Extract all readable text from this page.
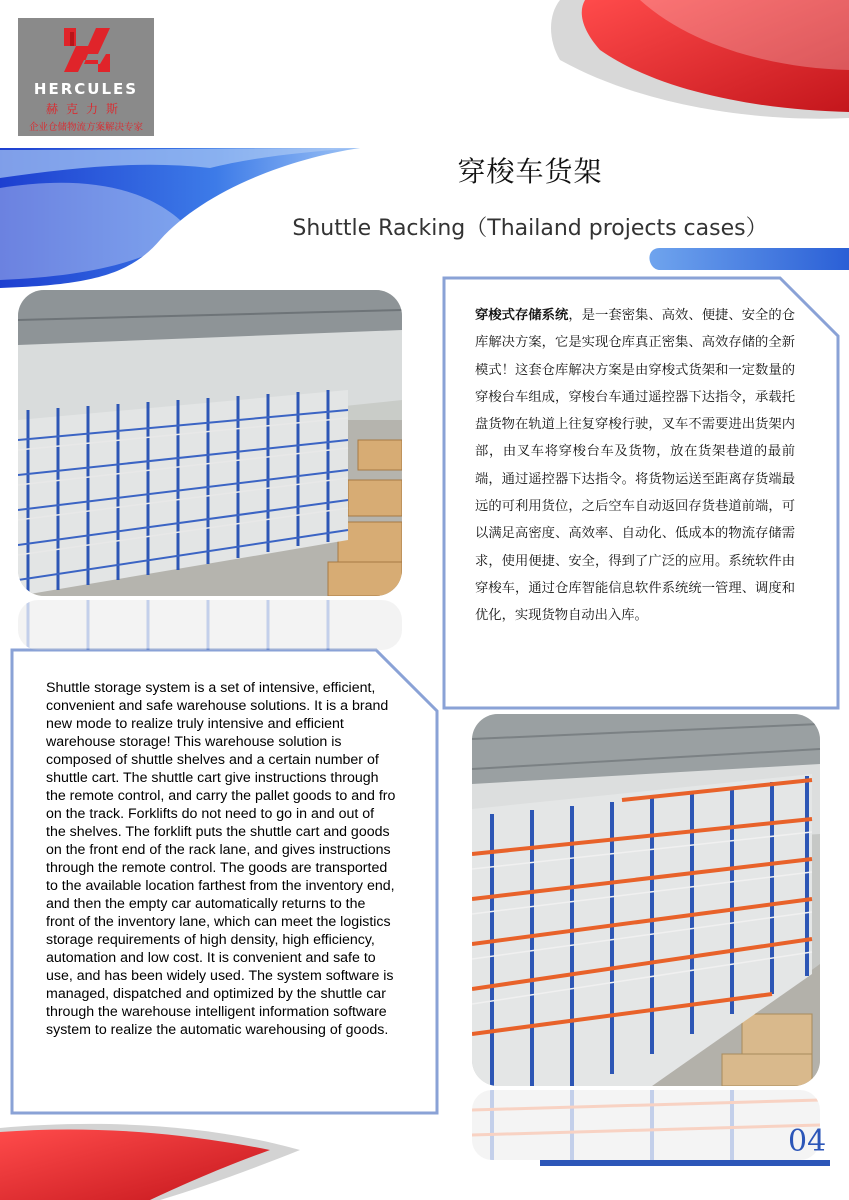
HERCULES
赫克力斯
企业仓储物流方案解决专家
穿梭车货架
Shuttle Racking（Thailand projects cases）
穿梭式存储系统，是一套密集、高效、便捷、安全的仓库解决方案，它是实现仓库真正密集、高效存储的全新模式！这套仓库解决方案是由穿梭式货架和一定数量的穿梭台车组成，穿梭台车通过遥控器下达指令，承载托盘货物在轨道上往复穿梭行驶，叉车不需要进出货架内部，由叉车将穿梭台车及货物，放在货架巷道的最前端，通过遥控器下达指令。将货物运送至距离存货端最远的可利用货位，之后空车自动返回存货巷道前端，可以满足高密度、高效率、自动化、低成本的物流存储需求，使用便捷、安全，得到了广泛的应用。系统软件由穿梭车，通过仓库智能信息软件系统统一管理、调度和优化，实现货物自动出入库。
Shuttle storage system is a set of intensive, efficient, convenient and safe warehouse solutions. It is a brand new mode to realize truly intensive and efficient warehouse storage! This warehouse solution is composed of shuttle shelves and a certain number of shuttle cart. The shuttle cart give instructions through the remote control, and carry the pallet goods to and fro on the track. Forklifts do not need to go in and out of the shelves. The forklift puts the shuttle cart and goods on the front end of the rack lane, and gives instructions through the remote control. The goods are transported to the available location farthest from the inventory end, and then the empty car automatically returns to the front of the inventory lane, which can meet the logistics storage requirements of high density, high efficiency, automation and low cost. It is convenient and safe to use, and has been widely used. The system software is managed, dispatched and optimized by the shuttle car through the warehouse intelligent information software system to realize the automatic warehousing of goods.
04
